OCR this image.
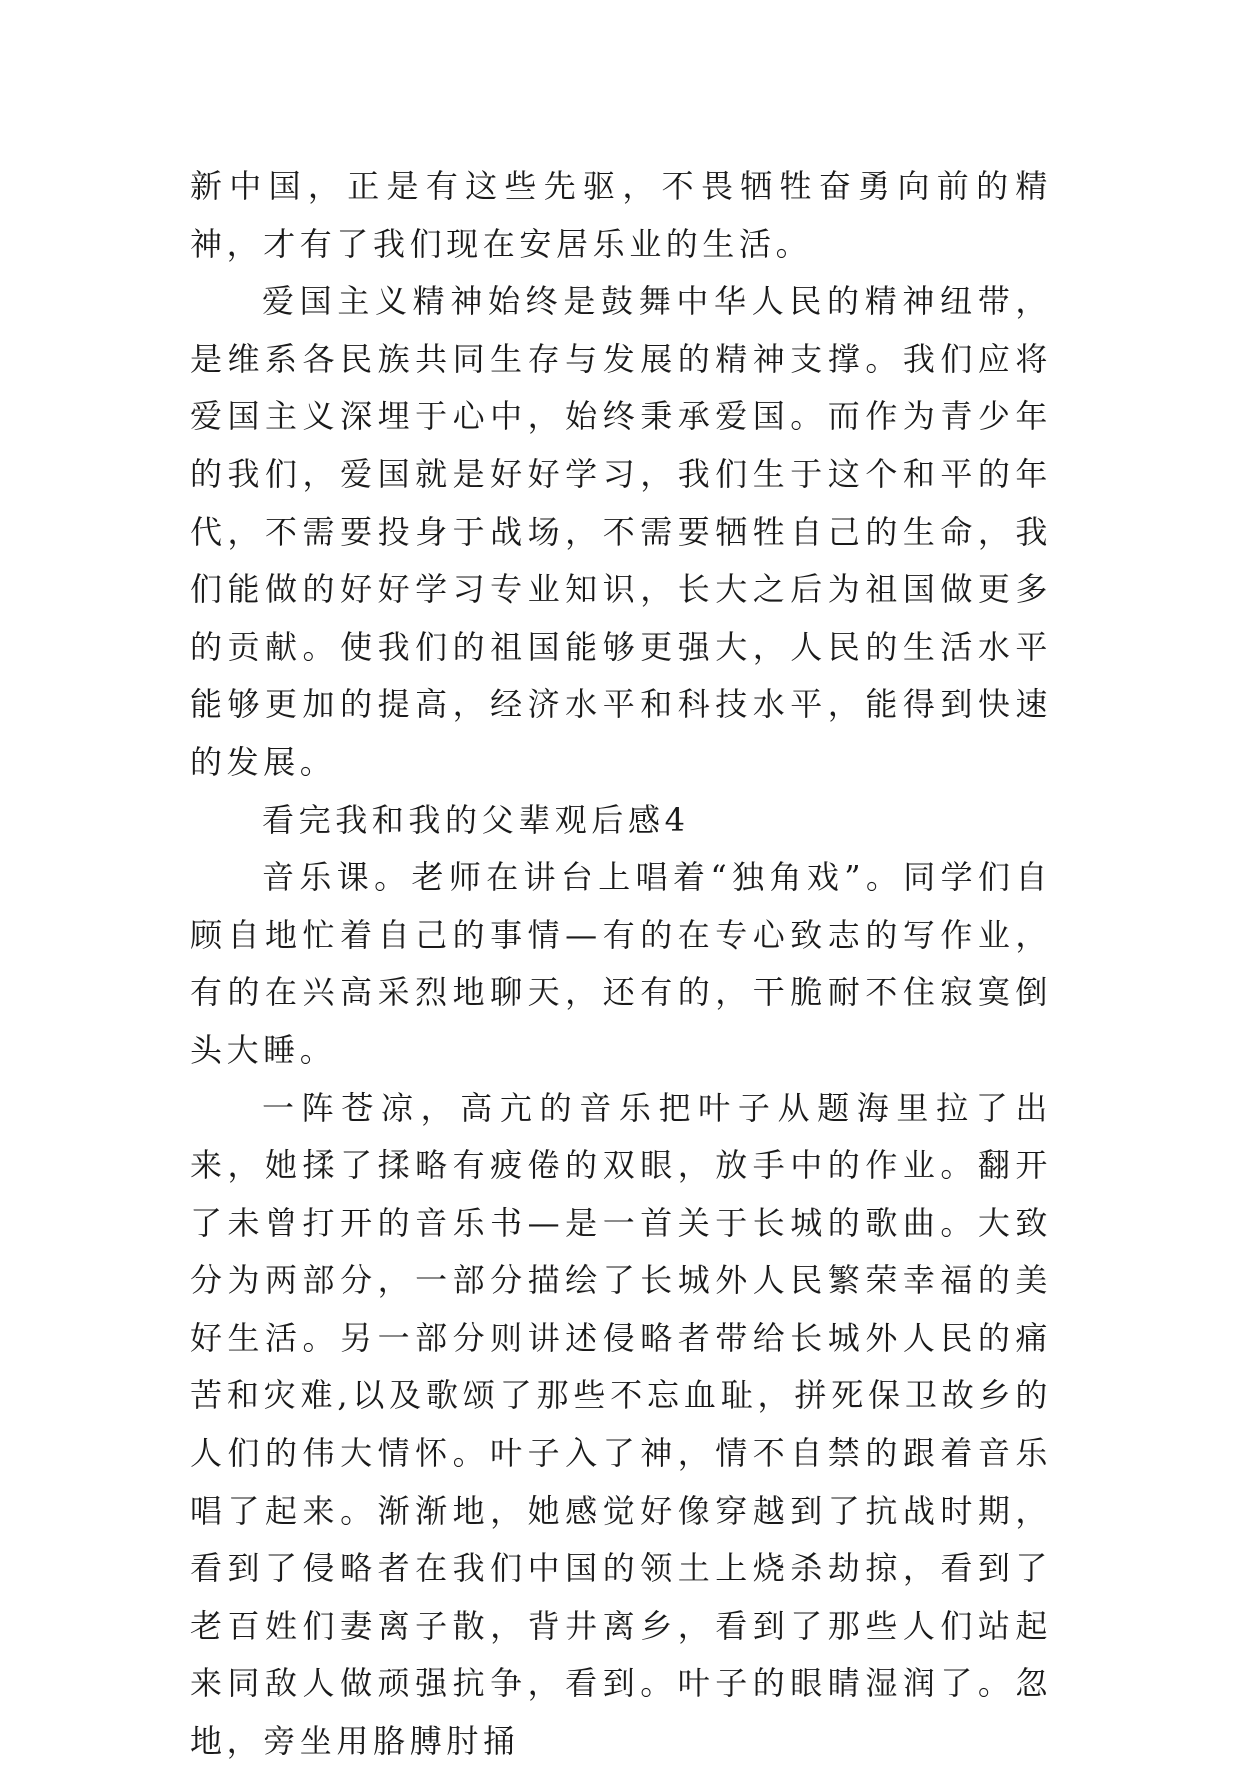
新中国，正是有这些先驱，不畏牺牲奋勇向前的精神，才有了我们现在安居乐业的生活。

爱国主义精神始终是鼓舞中华人民的精神纽带，是维系各民族共同生存与发展的精神支撑。我们应将爱国主义深埋于心中，始终秉承爱国。而作为青少年的我们，爱国就是好好学习，我们生于这个和平的年代，不需要投身于战场，不需要牺牲自己的生命，我们能做的好好学习专业知识，长大之后为祖国做更多的贡献。使我们的祖国能够更强大，人民的生活水平能够更加的提高，经济水平和科技水平，能得到快速的发展。

看完我和我的父辈观后感4

音乐课。老师在讲台上唱着“独角戏”。同学们自顾自地忙着自己的事情—有的在专心致志的写作业，有的在兴高采烈地聊天，还有的，干脆耐不住寂寞倒头大睡。

一阵苍凉，高亢的音乐把叶子从题海里拉了出来，她揉了揉略有疲倦的双眼，放手中的作业。翻开了未曾打开的音乐书—是一首关于长城的歌曲。大致分为两部分，一部分描绘了长城外人民繁荣幸福的美好生活。另一部分则讲述侵略者带给长城外人民的痛苦和灾难,以及歌颂了那些不忘血耻，拼死保卫故乡的人们的伟大情怀。叶子入了神，情不自禁的跟着音乐唱了起来。渐渐地，她感觉好像穿越到了抗战时期，看到了侵略者在我们中国的领土上烧杀劫掠，看到了老百姓们妻离子散，背井离乡，看到了那些人们站起来同敌人做顽强抗争，看到。叶子的眼睛湿润了。忽地，旁坐用胳膊肘捅
